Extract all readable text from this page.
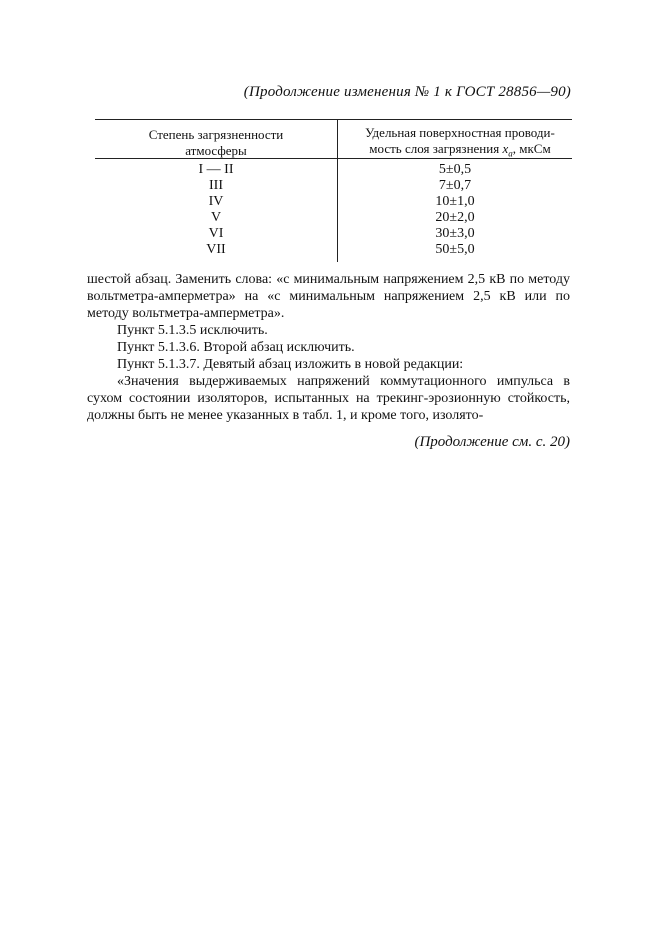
(Продолжение изменения № 1 к ГОСТ 28856—90)
Степень загрязненности
атмосферы
Удельная поверхностная проводи-
мость слоя загрязнения $x_a$, мкСм
I — II
III
IV
V
VI
VII
5±0,5
7±0,7
10±1,0
20±2,0
30±3,0
50±5,0

шестой абзац. Заменить слова: «с минимальным напряжением 2,5 кВ по методу вольтметра-амперметра» на «с минимальным напряжением 2,5 кВ или по методу вольтметра-амперметра».

Пункт 5.1.3.5 исключить.

Пункт 5.1.3.6. Второй абзац исключить.

Пункт 5.1.3.7. Девятый абзац изложить в новой редакции:

«Значения выдерживаемых напряжений коммутационного импульса в сухом состоянии изоляторов, испытанных на трекинг-эрозионную стойкость, должны быть не менее указанных в табл. 1, и кроме того, изолято-

(Продолжение см. с. 20)
